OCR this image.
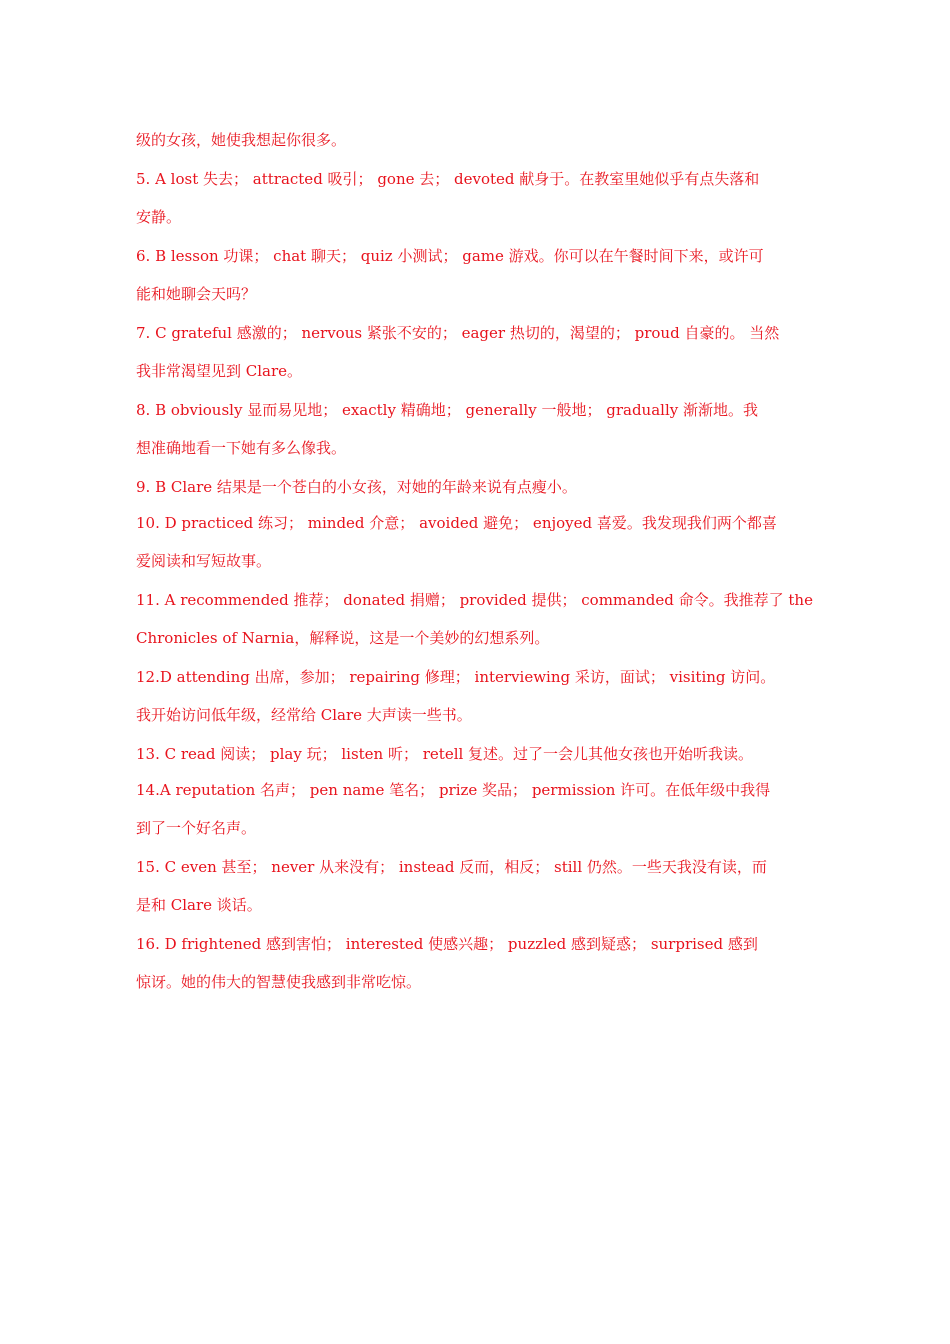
级的女孩，她使我想起你很多。

5. A lost 失去； attracted 吸引； gone 去； devoted 献身于。在教室里她似乎有点失落和

安静。

6. B lesson 功课； chat 聊天； quiz 小测试； game 游戏。你可以在午餐时间下来，或许可

能和她聊会天吗？

7. C grateful 感激的； nervous 紧张不安的； eager 热切的，渴望的； proud 自豪的。 当然

我非常渴望见到 Clare。

8. B obviously 显而易见地； exactly 精确地； generally 一般地； gradually 渐渐地。我

想准确地看一下她有多么像我。

9. B Clare 结果是一个苍白的小女孩，对她的年龄来说有点瘦小。

10. D practiced 练习； minded 介意； avoided 避免； enjoyed 喜爱。我发现我们两个都喜

爱阅读和写短故事。

11. A recommended 推荐； donated 捐赠； provided 提供； commanded 命令。我推荐了 the

Chronicles of Narnia，解释说，这是一个美妙的幻想系列。

12.D attending 出席，参加； repairing 修理； interviewing 采访，面试； visiting 访问。

我开始访问低年级，经常给 Clare 大声读一些书。

13. C read 阅读； play 玩； listen 听； retell 复述。过了一会儿其他女孩也开始听我读。

14.A reputation 名声； pen name 笔名； prize 奖品； permission 许可。在低年级中我得

到了一个好名声。

15. C even 甚至； never 从来没有； instead 反而，相反； still 仍然。一些天我没有读，而

是和 Clare 谈话。

16. D frightened 感到害怕； interested 使感兴趣； puzzled 感到疑惑； surprised 感到

惊讶。她的伟大的智慧使我感到非常吃惊。
